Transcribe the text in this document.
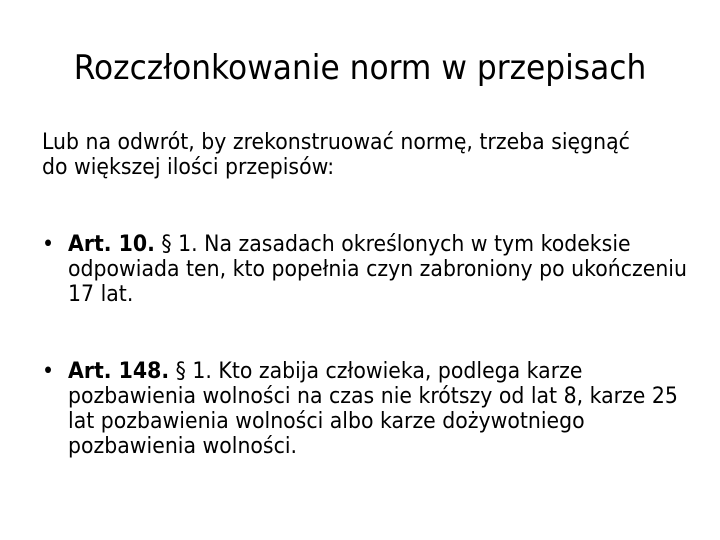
Rozczłonkowanie norm w przepisach

Lub na odwrót, by zrekonstruować normę, trzeba sięgnąć do większej ilości przepisów:

• Art. 10. § 1. Na zasadach określonych w tym kodeksie odpowiada ten, kto popełnia czyn zabroniony po ukończeniu 17 lat.
• Art. 148. § 1. Kto zabija człowieka, podlega karze pozbawienia wolności na czas nie krótszy od lat 8, karze 25 lat pozbawienia wolności albo karze dożywotniego pozbawienia wolności.
